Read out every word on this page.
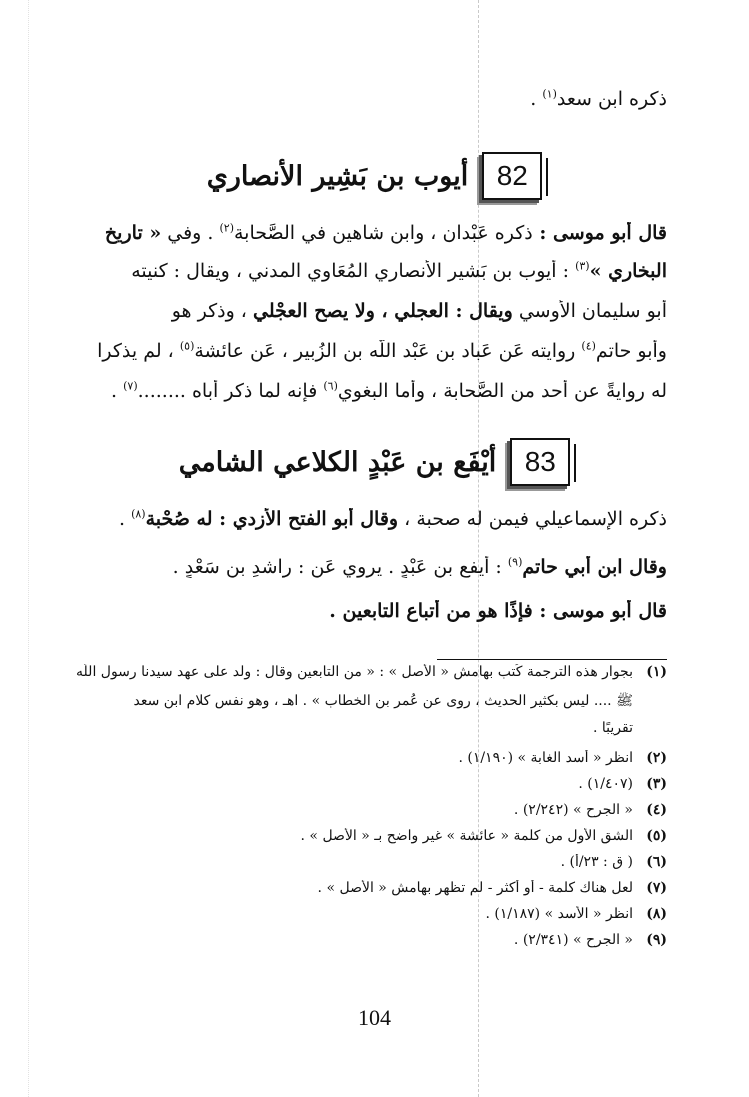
ذكره ابن سعد$^{(١)}$ .
82
أيوب بن بَشِير الأنصاري
قال أبو موسى : ذكره عَبْدان ، وابن شاهين في الصَّحابة$^{(٢)}$ . وفي « تاريخ
البخاري »$^{(٣)}$ : أيوب بن بَشير الأنصاري المُعَاوي المدني ، ويقال : كنيته
أبو سليمان الأوسي ويقال : العجلي ، ولا يصح العجْلي ، وذكر هو
وأبو حاتم$^{(٤)}$ روايته عَن عَباد بن عَبْد اللّه بن الزُبير ، عَن عائشة$^{(٥)}$ ، لم يذكرا
له روايةً عن أحد من الصَّحابة ، وأما البغوي$^{(٦)}$ فإنه لما ذكر أباه ........$^{(٧)}$ .
83
أيْفَع بن عَبْدٍ الكلاعي الشامي
ذكره الإسماعيلي فيمن له صحبة ، وقال أبو الفتح الأزدي : له صُحْبة$^{(٨)}$ .
وقال ابن أبي حاتم$^{(٩)}$ : أيفع بن عَبْدٍ . يروي عَن : راشدِ بن سَعْدٍ .
قال أبو موسى : فإذًا هو من أتباع التابعين .
(١)بجوار هذه الترجمة كُتب بهامش « الأصل » : « من التابعين وقال : ولد على عهد سيدنا رسول اللّه
ﷺ .... ليس بكثير الحديث ، روى عن عُمر بن الخطاب » . اهـ ، وهو نفس كلام ابن سعد
تقريبًا .
(٢)انظر « أسد الغابة » (١/١٩٠) .
(٣)(١/٤٠٧) .
(٤)« الجرح » (٢/٢٤٢) .
(٥)الشق الأول من كلمة « عائشة » غير واضح بـ « الأصل » .
(٦)( ق : ٢٣/أ) .
(٧)لعل هناك كلمة - أو أكثر - لم تظهر بهامش « الأصل » .
(٨)انظر « الأسد » (١/١٨٧) .
(٩)« الجرح » (٢/٣٤١) .
104
